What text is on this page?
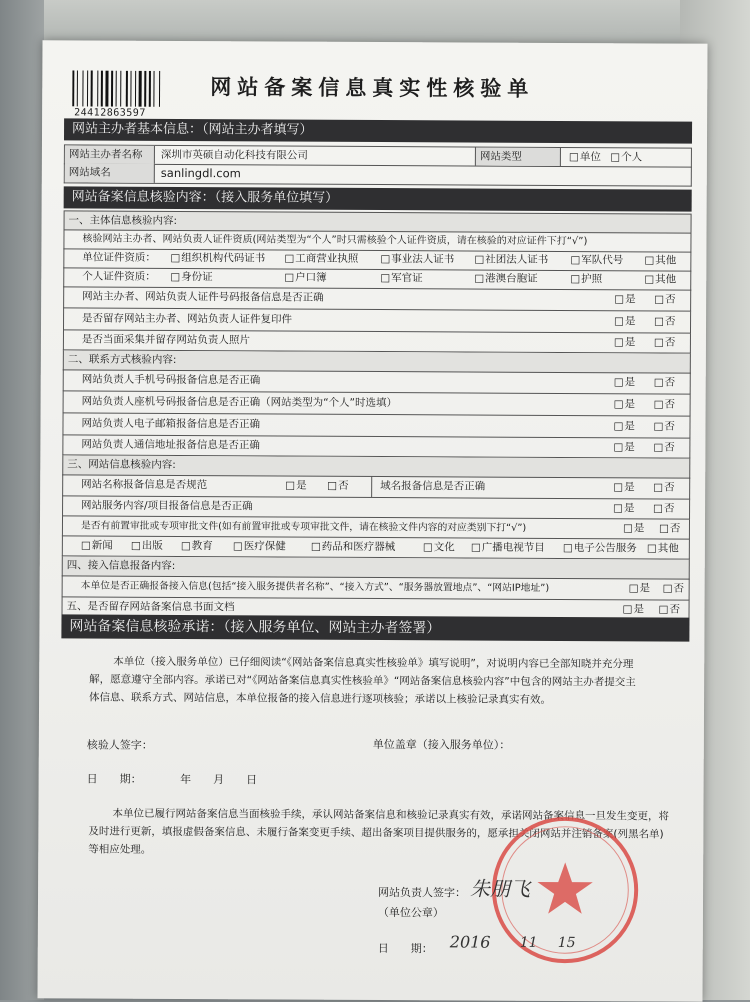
24412863597
网站备案信息真实性核验单
网站主办者基本信息：（网站主办者填写）
网站主办者名称	深圳市英硕自动化科技有限公司	网站类型	□ 单位 □ 个人
网站域名	sanlingdl.com
网站备案信息核验内容：（接入服务单位填写）
一、主体信息核验内容:
核验网站主办者、网站负责人证件资质(网站类型为“个人”时只需核验个人证件资质，请在核验的对应证件下打“√”)
单位证件资质：	□ 组织机构代码证书	□ 工商营业执照	□ 事业法人证书	□ 社团法人证书	□ 军队代号	□ 其他
个人证件资质：	□ 身份证	□ 户口簿	□ 军官证	□ 港澳台胞证	□ 护照	□ 其他
网站主办者、网站负责人证件号码报备信息是否正确	□ 是	□ 否
是否留存网站主办者、网站负责人证件复印件	□ 是	□ 否
是否当面采集并留存网站负责人照片	□ 是	□ 否
二、联系方式核验内容:
网站负责人手机号码报备信息是否正确	□ 是	□ 否
网站负责人座机号码报备信息是否正确（网站类型为“个人”时选填）	□ 是	□ 否
网站负责人电子邮箱报备信息是否正确	□ 是	□ 否
网站负责人通信地址报备信息是否正确	□ 是	□ 否
三、网站信息核验内容:
网站名称报备信息是否规范	□ 是	□ 否	域名报备信息是否正确	□ 是	□ 否
网站服务内容/项目报备信息是否正确	□ 是	□ 否
是否有前置审批或专项审批文件(如有前置审批或专项审批文件，请在核验文件内容的对应类别下打“√”)	□ 是	□ 否
□ 新闻	□ 出版	□ 教育	□ 医疗保健	□ 药品和医疗器械	□ 文化	□ 广播电视节目	□ 电子公告服务	□ 其他
四、接入信息报备内容:
本单位是否正确报备接入信息(包括“接入服务提供者名称”、“接入方式”、“服务器放置地点”、“网站IP地址”)	□ 是	□ 否
五、是否留存网站备案信息书面文档	□ 是	□ 否
网站备案信息核验承诺：（接入服务单位、网站主办者签署）
本单位（接入服务单位）已仔细阅读“《网站备案信息真实性核验单》填写说明”，对说明内容已全部知晓并充分理
解，愿意遵守全部内容。承诺已对“《网站备案信息真实性核验单》“网站备案信息核验内容”中包含的网站主办者提交主
体信息、联系方式、网站信息，本单位报备的接入信息进行逐项核验；承诺以上核验记录真实有效。
核验人签字：	单位盖章（接入服务单位）：
日　　期：　　　　年　　月　　日
本单位已履行网站备案信息当面核验手续，承认网站备案信息和核验记录真实有效，承诺网站备案信息一旦发生变更，将
及时进行更新，填报虚假备案信息、未履行备案变更手续、超出备案项目提供服务的，愿承担关闭网站并注销备案(列黑名单)
等相应处理。
网站负责人签字： 朱朋飞
（单位公章）
日　　期： 2016 11 15
